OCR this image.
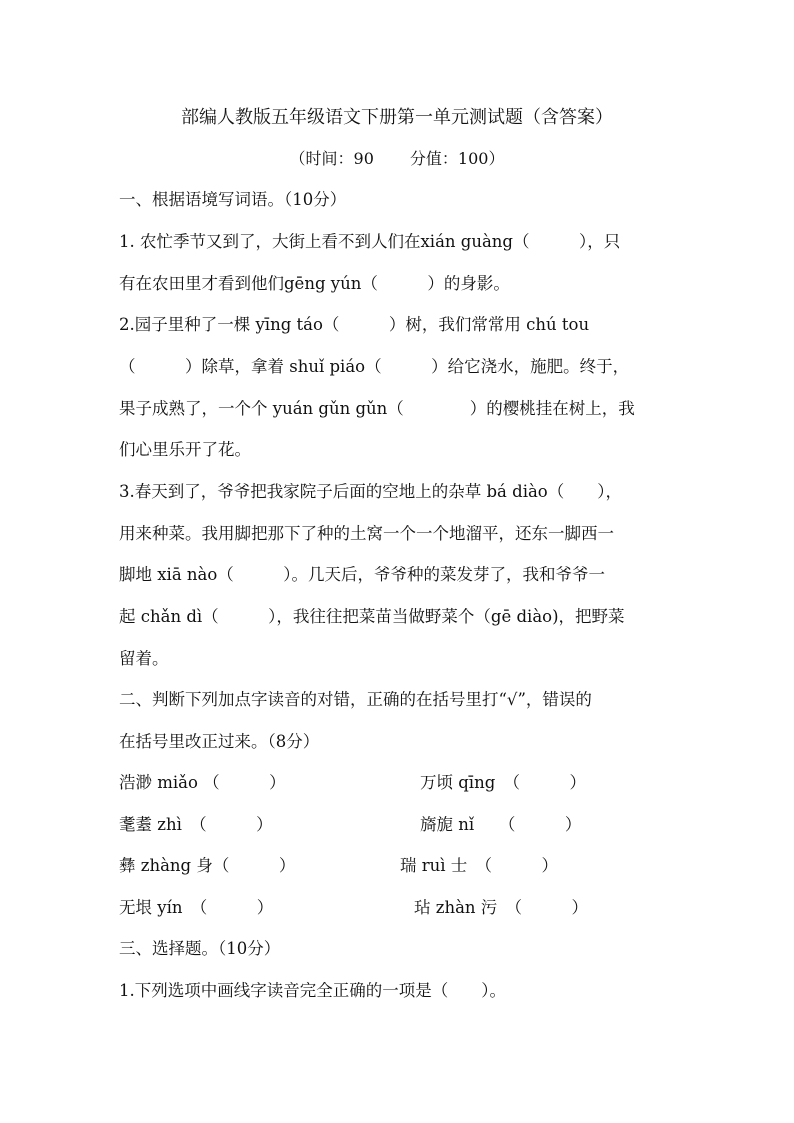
部编人教版五年级语文下册第一单元测试题（含答案）
（时间：90 分值：100）
一、根据语境写词语。（10分）
1. 农忙季节又到了，大街上看不到人们在xián guàng（　　　），只
有在农田里才看到他们gēng yún（　　　）的身影。
2.园子里种了一棵 yīng táo（　　　）树，我们常常用 chú tou
（　　　）除草，拿着 shuǐ piáo（　　　）给它浇水，施肥。终于，
果子成熟了，一个个 yuán gǔn gǔn（　　　　）的樱桃挂在树上，我
们心里乐开了花。
3.春天到了，爷爷把我家院子后面的空地上的杂草 bá diào（　　），
用来种菜。我用脚把那下了种的土窝一个一个地溜平，还东一脚西一
脚地 xiā nào（　　　）。几天后，爷爷种的菜发芽了，我和爷爷一
起 chǎn dì（　　　），我往往把菜苗当做野菜个（gē diào)，把野菜
留着。
二、判断下列加点字读音的对错，正确的在括号里打“√”，错误的
在括号里改正过来。（8分）
浩渺 miǎo （　　　）	万顷 qīng　（　　　）
耄耋 zhì　（　　　）	旖旎 nǐ　　（　　　）
彝 zhàng 身（　　　）	瑞 ruì 士　（　　　）
无垠 yín　（　　　）	玷 zhàn 污　（　　　）
三、选择题。（10分）
1.下列选项中画线字读音完全正确的一项是（　　）。
